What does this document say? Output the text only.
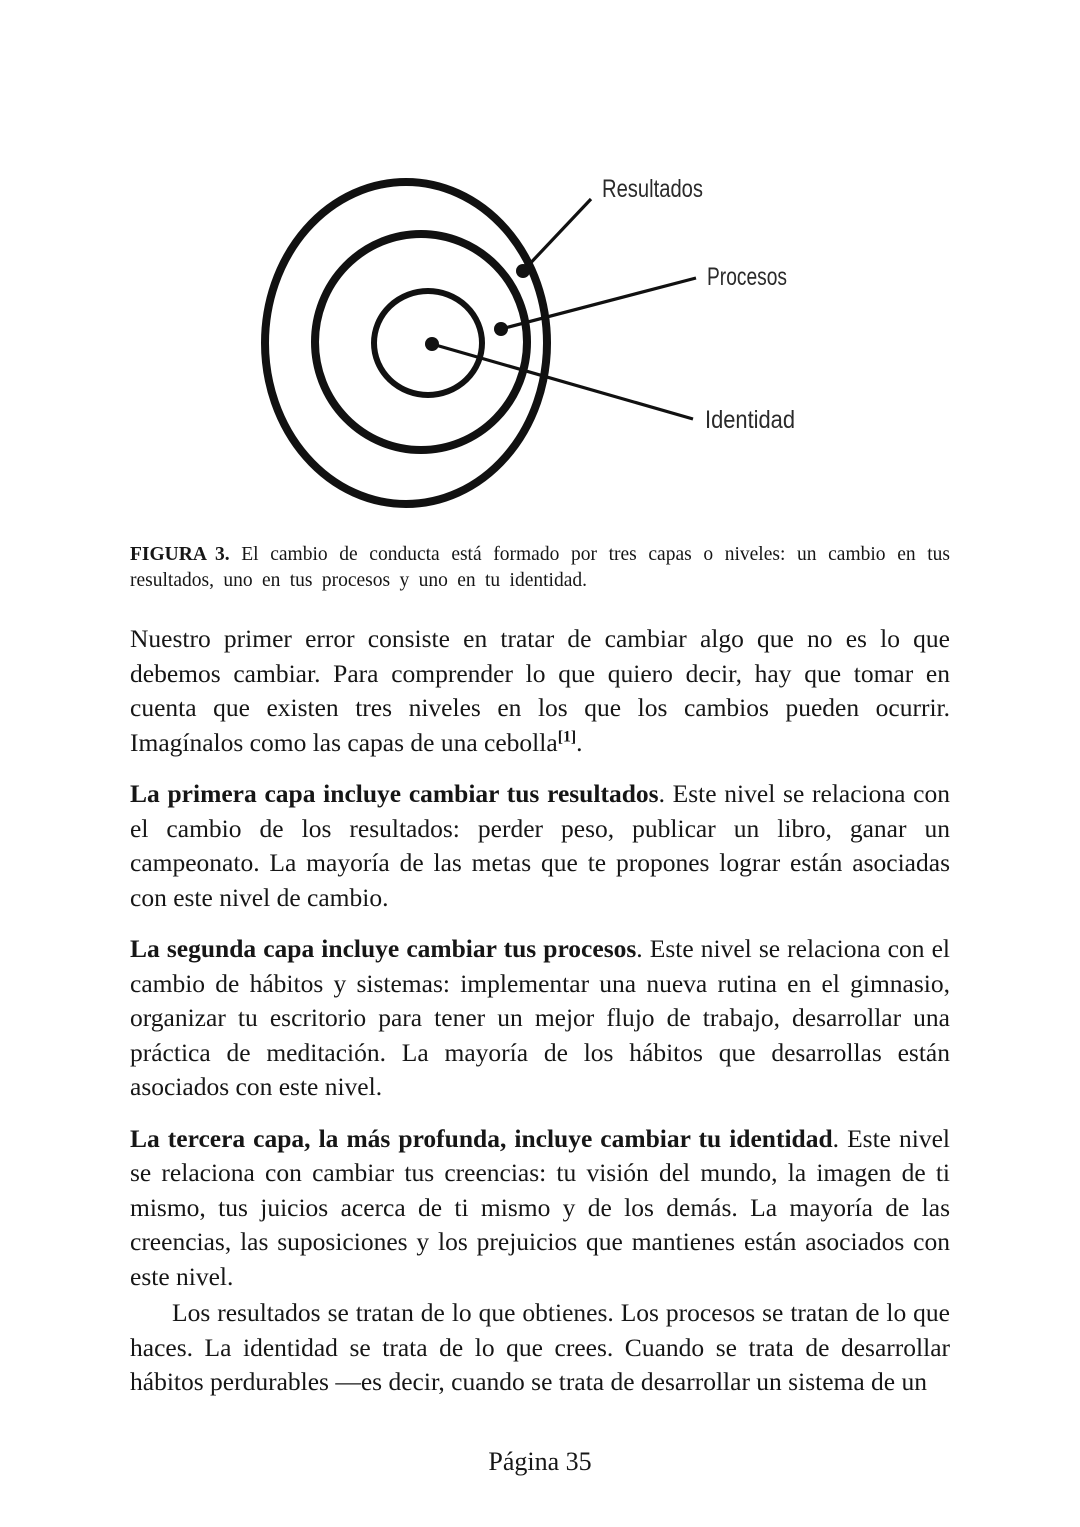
Resultados
Procesos
Identidad
FIGURA 3. El cambio de conducta está formado por tres capas o niveles: un cambio en tus resultados, uno en tus procesos y uno en tu identidad.

Nuestro primer error consiste en tratar de cambiar algo que no es lo que debemos cambiar. Para comprender lo que quiero decir, hay que tomar en cuenta que existen tres niveles en los que los cambios pueden ocurrir. Imagínalos como las capas de una cebolla[1].

La primera capa incluye cambiar tus resultados. Este nivel se relaciona con el cambio de los resultados: perder peso, publicar un libro, ganar un campeonato. La mayoría de las metas que te propones lograr están asociadas con este nivel de cambio.

La segunda capa incluye cambiar tus procesos. Este nivel se relaciona con el cambio de hábitos y sistemas: implementar una nueva rutina en el gimnasio, organizar tu escritorio para tener un mejor flujo de trabajo, desarrollar una práctica de meditación. La mayoría de los hábitos que desarrollas están asociados con este nivel.

La tercera capa, la más profunda, incluye cambiar tu identidad. Este nivel se relaciona con cambiar tus creencias: tu visión del mundo, la imagen de ti mismo, tus juicios acerca de ti mismo y de los demás. La mayoría de las creencias, las suposiciones y los prejuicios que mantienes están asociados con este nivel.

Los resultados se tratan de lo que obtienes. Los procesos se tratan de lo que haces. La identidad se trata de lo que crees. Cuando se trata de desarrollar hábitos perdurables —es decir, cuando se trata de desarrollar un sistema de un

Página 35
